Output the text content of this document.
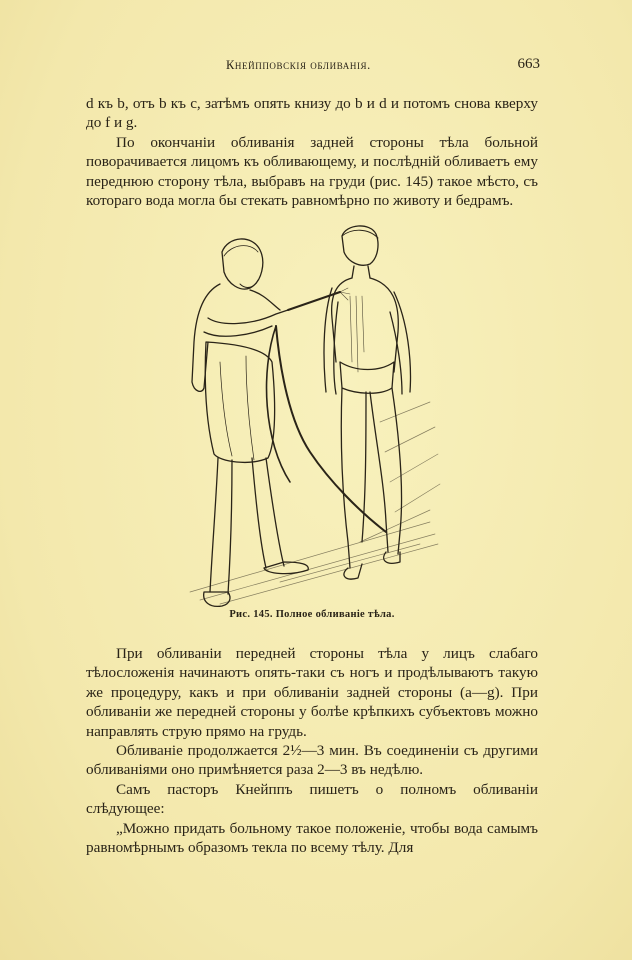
Кнейпповскія обливанія.	663

d къ b, отъ b къ c, затѣмъ опять книзу до b и d и потомъ снова кверху до f и g.

По окончаніи обливанія задней стороны тѣла больной поворачивается лицомъ къ обливающему, и послѣдній обливаетъ ему переднюю сторону тѣла, выбравъ на груди (рис. 145) такое мѣсто, съ котораго вода могла бы стекать равномѣрно по животу и бедрамъ.

Рис. 145. Полное обливаніе тѣла.

При обливаніи передней стороны тѣла у лицъ слабаго тѣлосложенія начинаютъ опять-таки съ ногъ и продѣлываютъ такую же процедуру, какъ и при обливаніи задней стороны (a—g). При обливаніи же передней стороны у болѣе крѣпкихъ субъектовъ можно направлять струю прямо на грудь.

Обливаніе продолжается 2½—3 мин. Въ соединеніи съ другими обливаніями оно примѣняется раза 2—3 въ недѣлю.

Самъ пасторъ Кнейппъ пишетъ о полномъ обливаніи слѣдующее:

„Можно придать больному такое положеніе, чтобы вода самымъ равномѣрнымъ образомъ текла по всему тѣлу. Для
